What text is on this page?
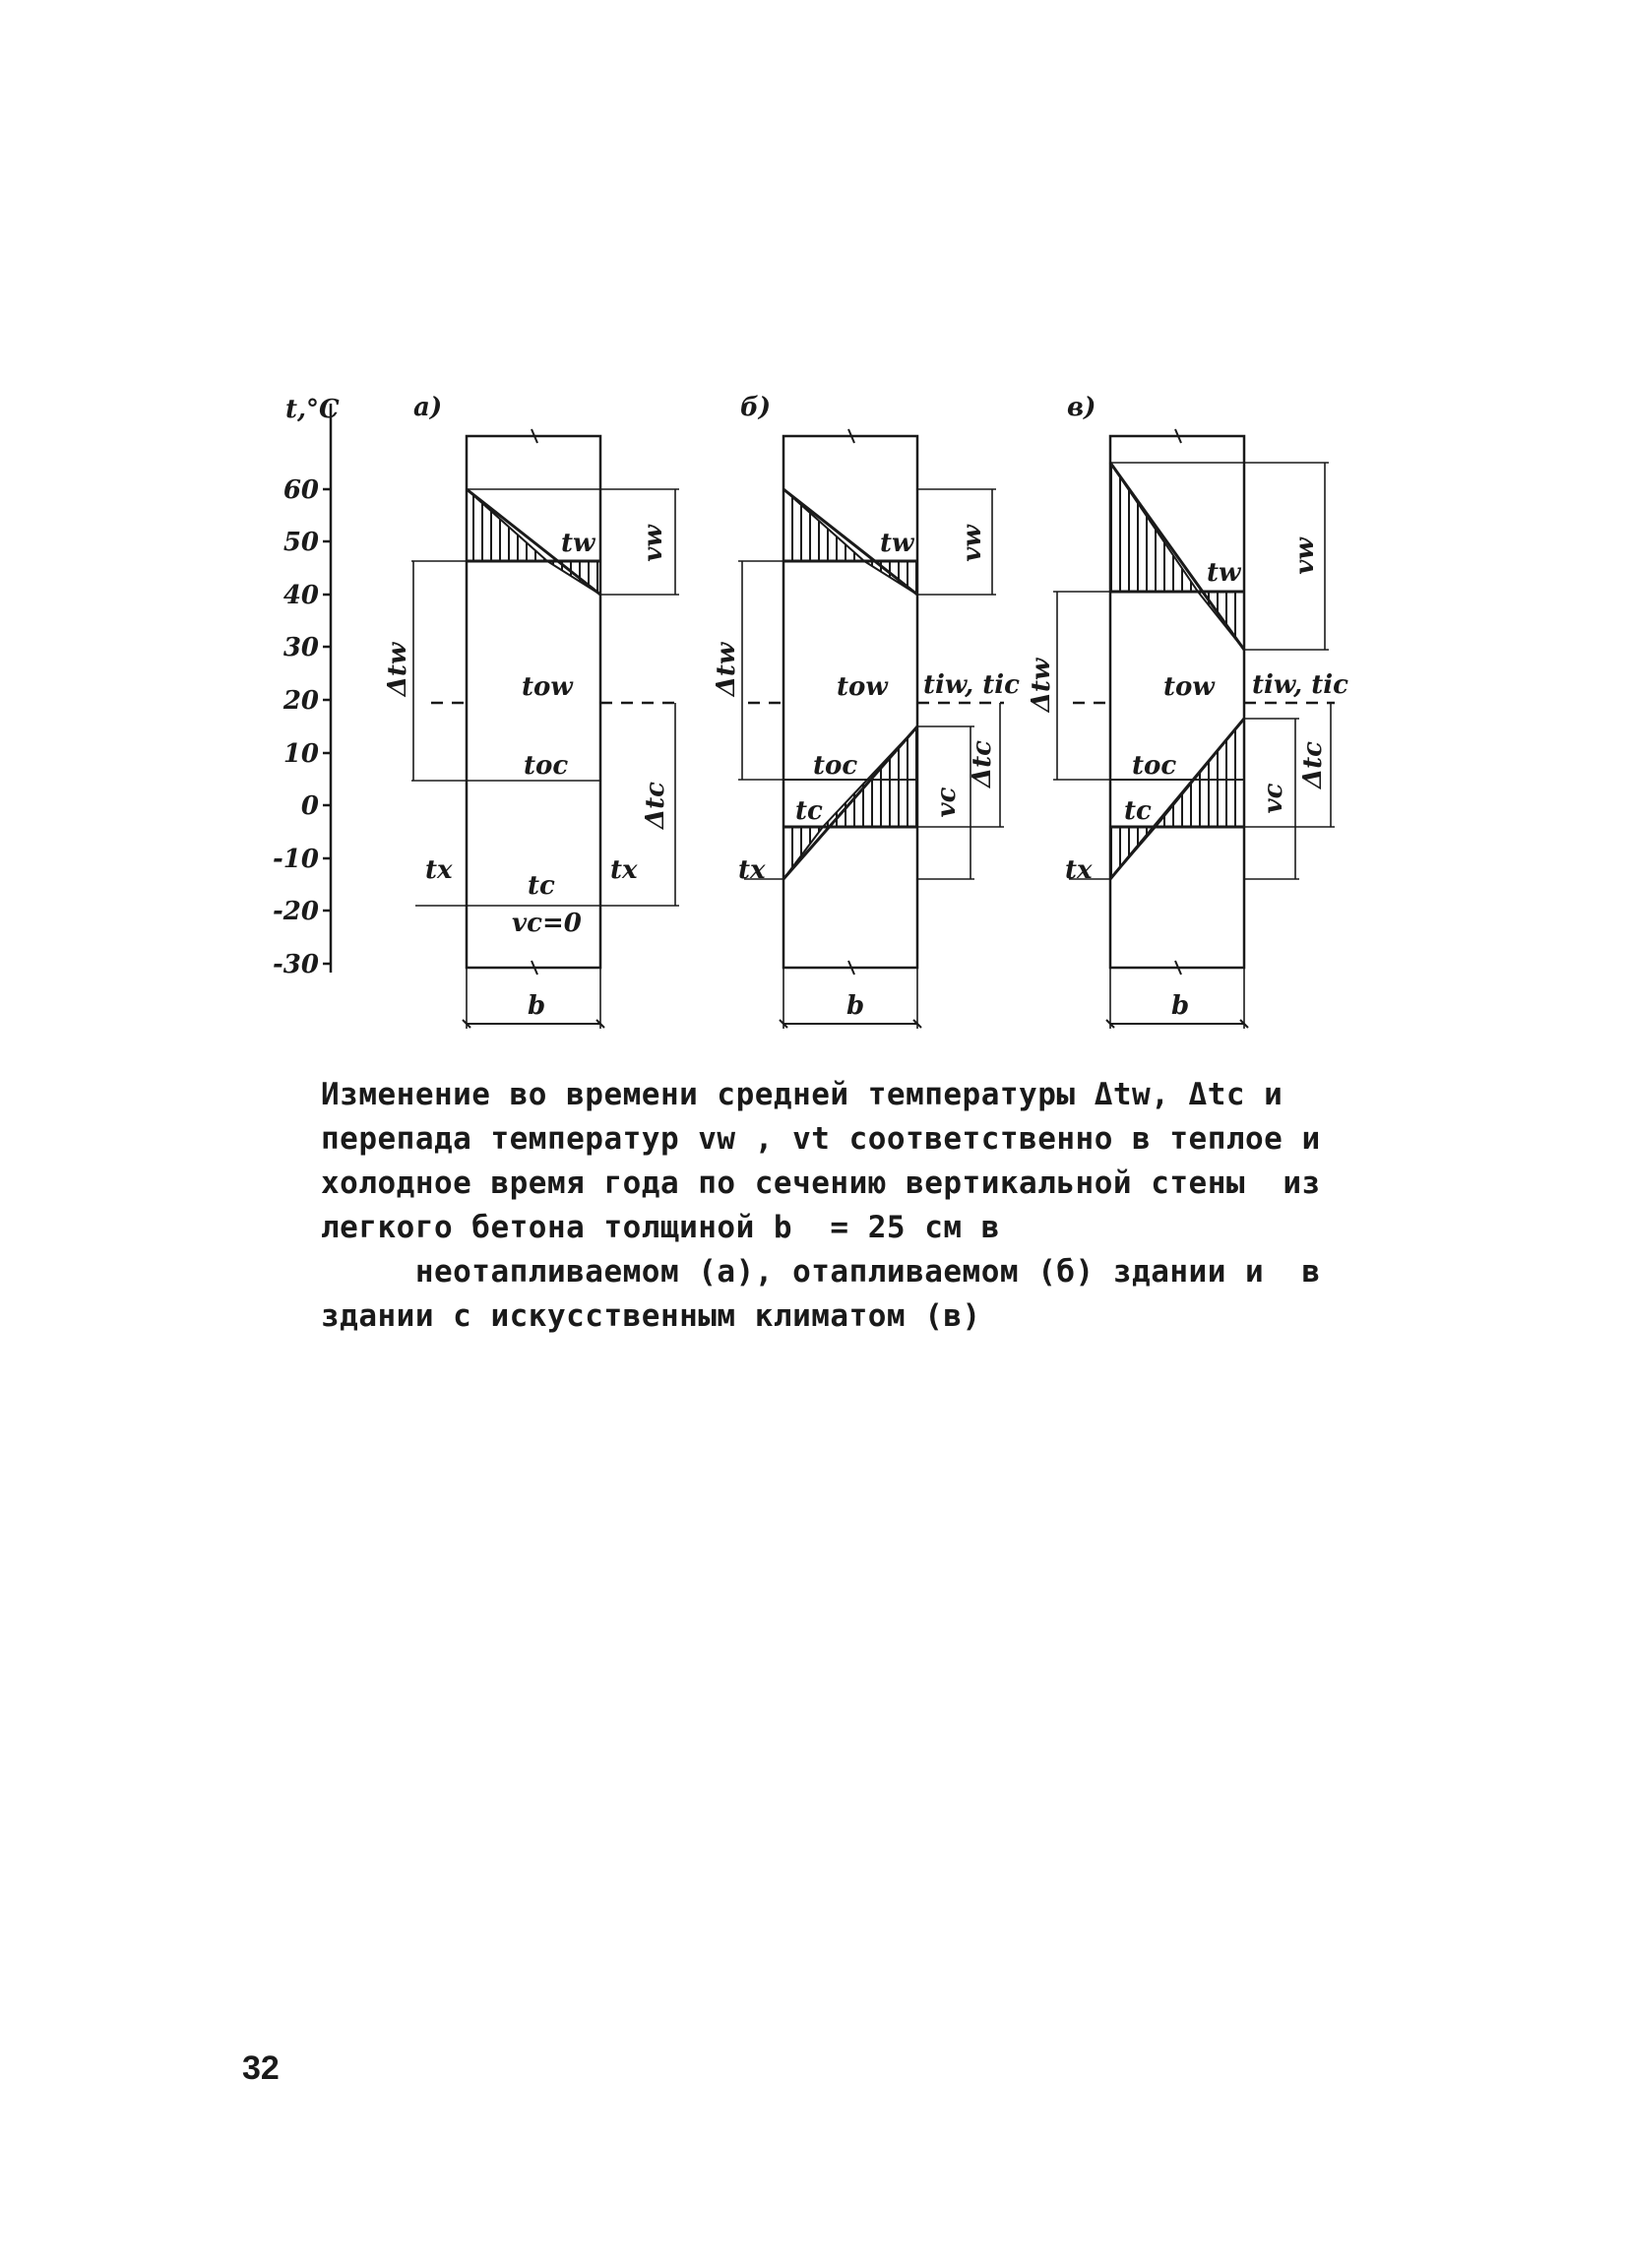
t,°C
60
50
40
30
20
10
0
-10
-20
-30
a)
tw vw
Δtw	tow
toc
Δtc
tx	tx
tc
vc=0
b
б)
tw vw
Δtw	tow tiw, tic
toc
tc	vc
Δtc
tx
b
в)
tw vw
Δtw	tow tiw, tic
toc
tc	vc
Δtc
tx
b

Изменение во времени средней температуры Δtw, Δtc и

перепада температур vw , vt соответственно в теплое и

холодное время года по сечению вертикальной стены  из

легкого бетона толщиной b  = 25 см в

неотапливаемом (а), отапливаемом (б) здании и  в

здании с искусственным климатом (в)

32
